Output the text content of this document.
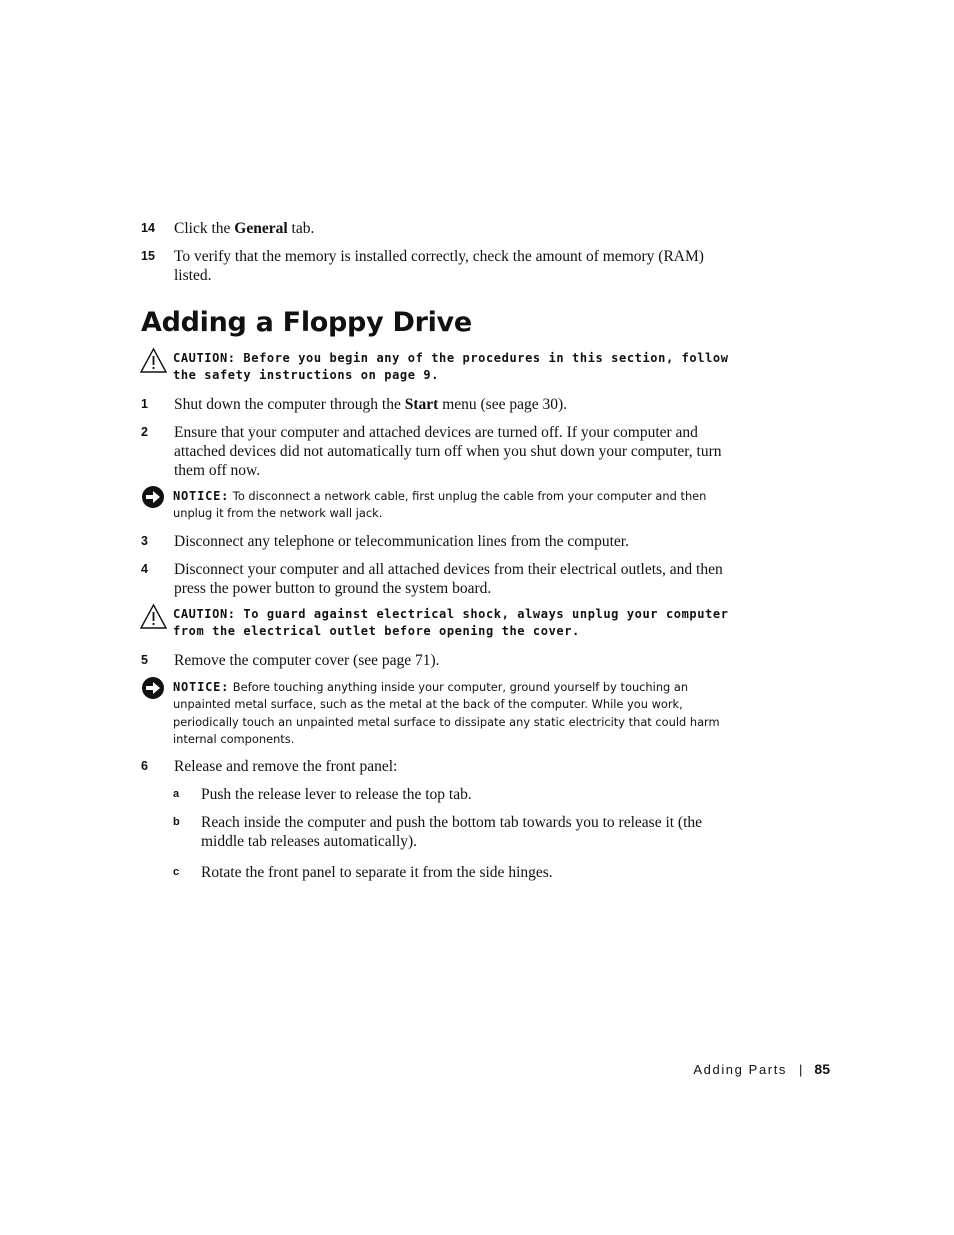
14	Click the General tab.
15	To verify that the memory is installed correctly, check the amount of memory (RAM) listed.
Adding a Floppy Drive
CAUTION: Before you begin any of the procedures in this section, follow the safety instructions on page 9.
1	Shut down the computer through the Start menu (see page 30).
2	Ensure that your computer and attached devices are turned off. If your computer and attached devices did not automatically turn off when you shut down your computer, turn them off now.
NOTICE: To disconnect a network cable, first unplug the cable from your computer and then unplug it from the network wall jack.
3	Disconnect any telephone or telecommunication lines from the computer.
4	Disconnect your computer and all attached devices from their electrical outlets, and then press the power button to ground the system board.
CAUTION: To guard against electrical shock, always unplug your computer from the electrical outlet before opening the cover.
5	Remove the computer cover (see page 71).
NOTICE: Before touching anything inside your computer, ground yourself by touching an unpainted metal surface, such as the metal at the back of the computer. While you work, periodically touch an unpainted metal surface to dissipate any static electricity that could harm internal components.
6	Release and remove the front panel:
a Push the release lever to release the top tab.
b Reach inside the computer and push the bottom tab towards you to release it (the middle tab releases automatically).
c Rotate the front panel to separate it from the side hinges.
Adding Parts | 85
